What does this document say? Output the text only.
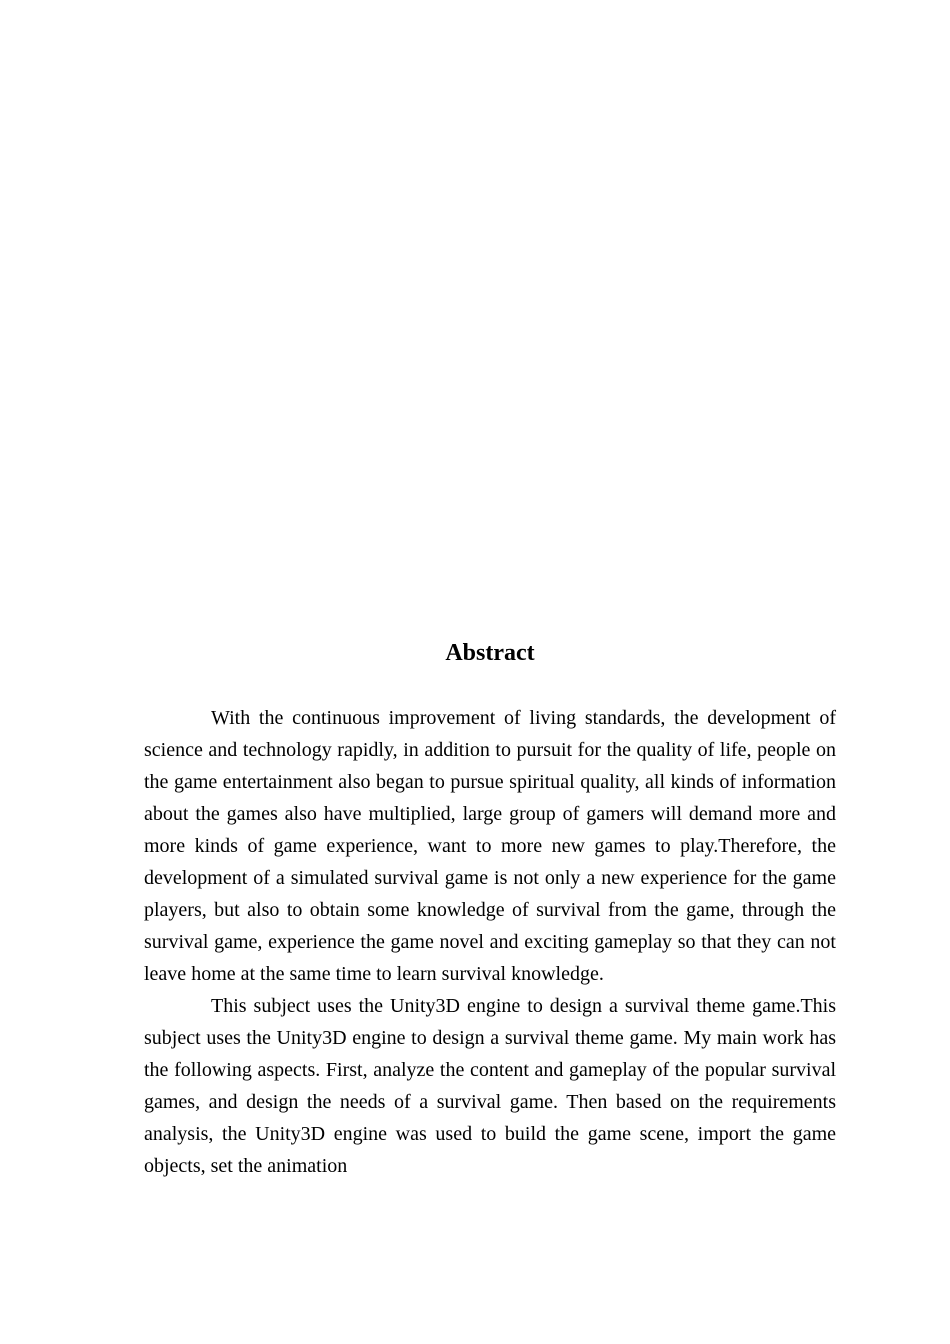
Abstract

With the continuous improvement of living standards, the development of science and technology rapidly, in addition to pursuit for the quality of life, people on the game entertainment also began to pursue spiritual quality, all kinds of information about the games also have multiplied, large group of gamers will demand more and more kinds of game experience, want to more new games to play.Therefore, the development of a simulated survival game is not only a new experience for the game players, but also to obtain some knowledge of survival from the game, through the survival game, experience the game novel and exciting gameplay so that they can not leave home at the same time to learn survival knowledge.

This subject uses the Unity3D engine to design a survival theme game.This subject uses the Unity3D engine to design a survival theme game. My main work has the following aspects. First, analyze the content and gameplay of the popular survival games, and design the needs of a survival game. Then based on the requirements analysis, the Unity3D engine was used to build the game scene, import the game objects, set the animation
